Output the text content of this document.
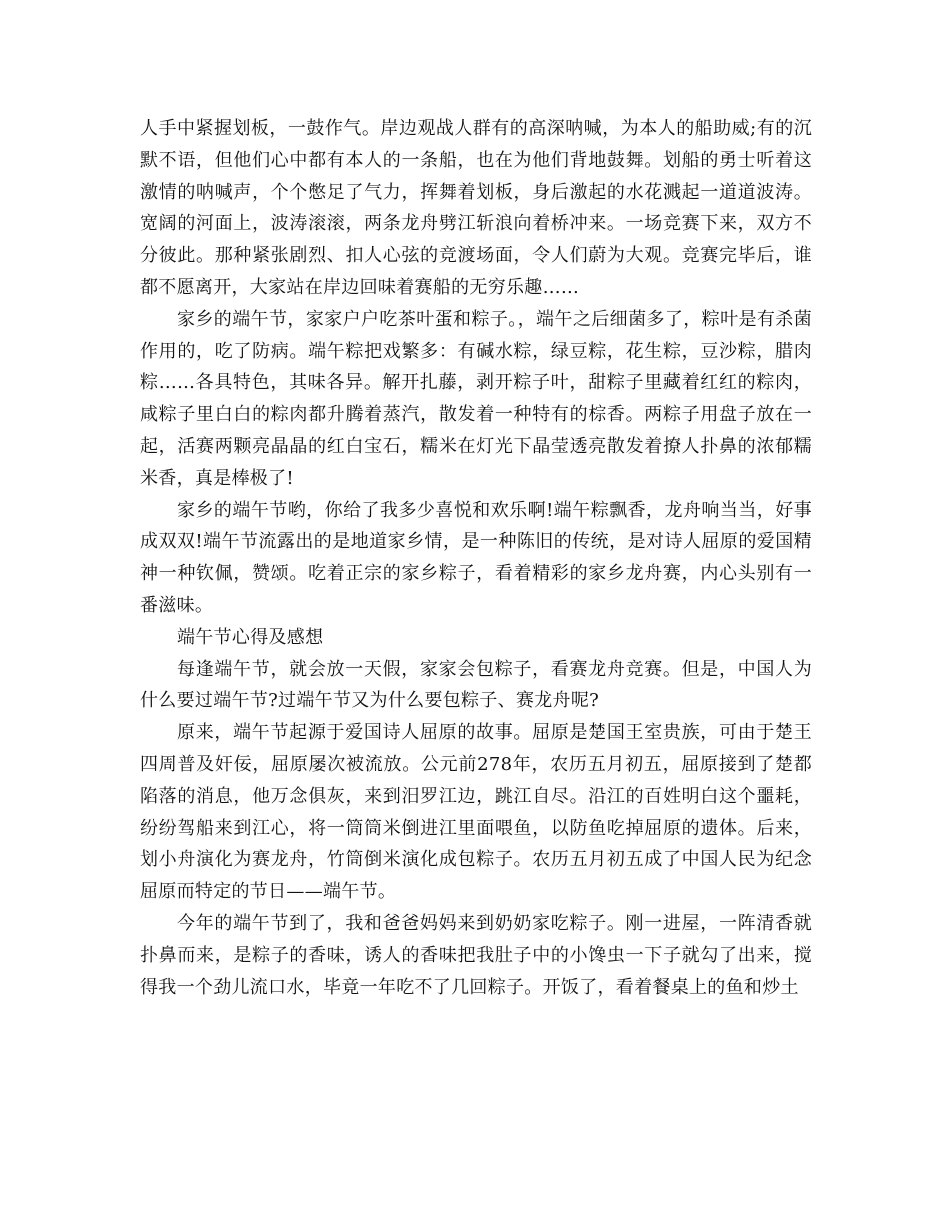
人手中紧握划板，一鼓作气。岸边观战人群有的高深呐喊，为本人的船助威;有的沉默不语，但他们心中都有本人的一条船，也在为他们背地鼓舞。划船的勇士听着这激情的呐喊声，个个憋足了气力，挥舞着划板，身后激起的水花溅起一道道波涛。宽阔的河面上，波涛滚滚，两条龙舟劈江斩浪向着桥冲来。一场竞赛下来，双方不分彼此。那种紧张剧烈、扣人心弦的竞渡场面，令人们蔚为大观。竞赛完毕后，谁都不愿离开，大家站在岸边回味着赛船的无穷乐趣……

家乡的端午节，家家户户吃茶叶蛋和粽子。，端午之后细菌多了，粽叶是有杀菌作用的，吃了防病。端午粽把戏繁多：有碱水粽，绿豆粽，花生粽，豆沙粽，腊肉粽……各具特色，其味各异。解开扎藤，剥开粽子叶，甜粽子里藏着红红的粽肉，咸粽子里白白的粽肉都升腾着蒸汽，散发着一种特有的棕香。两粽子用盘子放在一起，活赛两颗亮晶晶的红白宝石，糯米在灯光下晶莹透亮散发着撩人扑鼻的浓郁糯米香，真是棒极了!

家乡的端午节哟，你给了我多少喜悦和欢乐啊!端午粽飘香，龙舟响当当，好事成双双!端午节流露出的是地道家乡情，是一种陈旧的传统，是对诗人屈原的爱国精神一种钦佩，赞颂。吃着正宗的家乡粽子，看着精彩的家乡龙舟赛，内心头别有一番滋味。

端午节心得及感想

每逢端午节，就会放一天假，家家会包粽子，看赛龙舟竞赛。但是，中国人为什么要过端午节?过端午节又为什么要包粽子、赛龙舟呢?

原来，端午节起源于爱国诗人屈原的故事。屈原是楚国王室贵族，可由于楚王四周普及奸佞，屈原屡次被流放。公元前278年，农历五月初五，屈原接到了楚都陷落的消息，他万念俱灰，来到汨罗江边，跳江自尽。沿江的百姓明白这个噩耗，纷纷驾船来到江心，将一筒筒米倒进江里面喂鱼，以防鱼吃掉屈原的遗体。后来，划小舟演化为赛龙舟，竹筒倒米演化成包粽子。农历五月初五成了中国人民为纪念屈原而特定的节日——端午节。

今年的端午节到了，我和爸爸妈妈来到奶奶家吃粽子。刚一进屋，一阵清香就扑鼻而来，是粽子的香味，诱人的香味把我肚子中的小馋虫一下子就勾了出来，搅得我一个劲儿流口水，毕竟一年吃不了几回粽子。开饭了，看着餐桌上的鱼和炒土
